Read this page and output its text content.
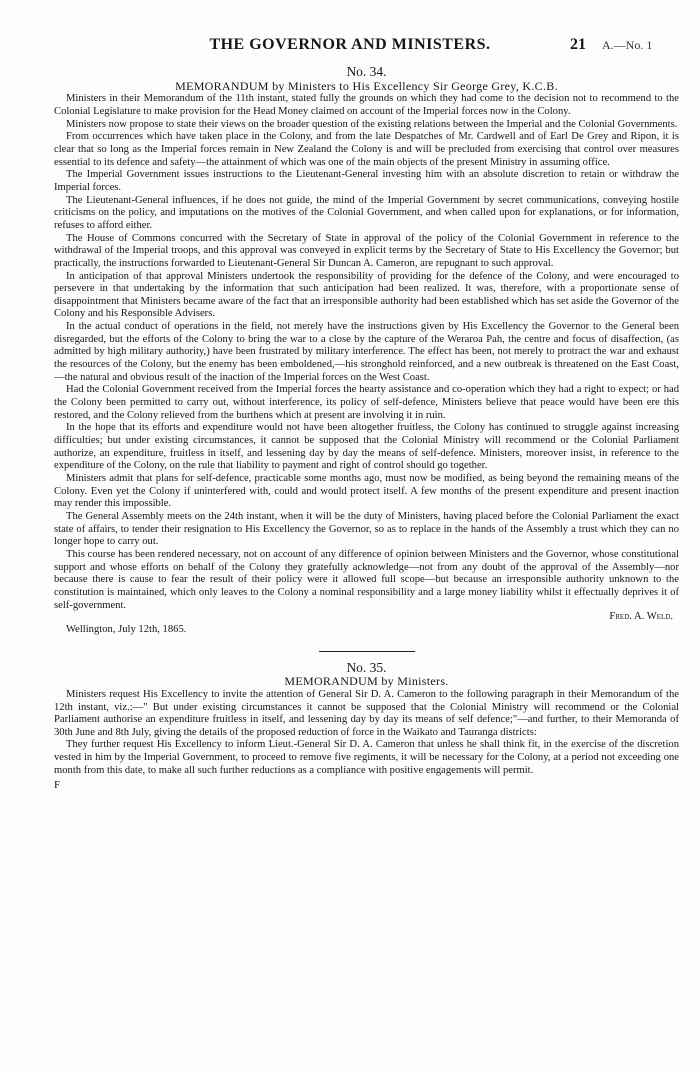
THE GOVERNOR AND MINISTERS.	21 A.—No. 1
No. 34.
MEMORANDUM by Ministers to His Excellency Sir George Grey, K.C.B.

Ministers in their Memorandum of the 11th instant, stated fully the grounds on which they had come to the decision not to recommend to the Colonial Legislature to make provision for the Head Money claimed on account of the Imperial forces now in the Colony.

Ministers now propose to state their views on the broader question of the existing relations between the Imperial and the Colonial Governments.

From occurrences which have taken place in the Colony, and from the late Despatches of Mr. Cardwell and of Earl De Grey and Ripon, it is clear that so long as the Imperial forces remain in New Zealand the Colony is and will be precluded from exercising that control over measures essential to its defence and safety—the attainment of which was one of the main objects of the present Ministry in assuming office.

The Imperial Government issues instructions to the Lieutenant-General investing him with an absolute discretion to retain or withdraw the Imperial forces.

The Lieutenant-General influences, if he does not guide, the mind of the Imperial Government by secret communications, conveying hostile criticisms on the policy, and imputations on the motives of the Colonial Government, and when called upon for explanations, or for information, refuses to afford either.

The House of Commons concurred with the Secretary of State in approval of the policy of the Colonial Government in reference to the withdrawal of the Imperial troops, and this approval was conveyed in explicit terms by the Secretary of State to His Excellency the Governor; but practically, the instructions forwarded to Lieutenant-General Sir Duncan A. Cameron, are repugnant to such approval.

In anticipation of that approval Ministers undertook the responsibility of providing for the defence of the Colony, and were encouraged to persevere in that undertaking by the information that such anticipation had been realized. It was, therefore, with a proportionate sense of disappointment that Ministers became aware of the fact that an irresponsible authority had been established which has set aside the Governor of the Colony and his Responsible Advisers.

In the actual conduct of operations in the field, not merely have the instructions given by His Excellency the Governor to the General been disregarded, but the efforts of the Colony to bring the war to a close by the capture of the Weraroa Pah, the centre and focus of disaffection, (as admitted by high military authority,) have been frustrated by military interference. The effect has been, not merely to protract the war and exhaust the resources of the Colony, but the enemy has been emboldened,—his stronghold reinforced, and a new outbreak is threatened on the East Coast,—the natural and obvious result of the inaction of the Imperial forces on the West Coast.

Had the Colonial Government received from the Imperial forces the hearty assistance and co-operation which they had a right to expect; or had the Colony been permitted to carry out, without interference, its policy of self-defence, Ministers believe that peace would have been ere this restored, and the Colony relieved from the burthens which at present are involving it in ruin.

In the hope that its efforts and expenditure would not have been altogether fruitless, the Colony has continued to struggle against increasing difficulties; but under existing circumstances, it cannot be supposed that the Colonial Ministry will recommend or the Colonial Parliament authorize, an expenditure, fruitless in itself, and lessening day by day the means of self-defence. Ministers, moreover insist, in reference to the expenditure of the Colony, on the rule that liability to payment and right of control should go together.

Ministers admit that plans for self-defence, practicable some months ago, must now be modified, as being beyond the remaining means of the Colony. Even yet the Colony if uninterfered with, could and would protect itself. A few months of the present expenditure and present inaction may render this impossible.

The General Assembly meets on the 24th instant, when it will be the duty of Ministers, having placed before the Colonial Parliament the exact state of affairs, to tender their resignation to His Excellency the Governor, so as to replace in the hands of the Assembly a trust which they can no longer hope to carry out.

This course has been rendered necessary, not on account of any difference of opinion between Ministers and the Governor, whose constitutional support and whose efforts on behalf of the Colony they gratefully acknowledge—not from any doubt of the approval of the Assembly—nor because there is cause to fear the result of their policy were it allowed full scope—but because an irresponsible authority unknown to the constitution is maintained, which only leaves to the Colony a nominal responsibility and a large money liability whilst it effectually deprives it of self-government.

Fred. A. Weld.
Wellington, July 12th, 1865.
No. 35.
MEMORANDUM by Ministers.

Ministers request His Excellency to invite the attention of General Sir D. A. Cameron to the following paragraph in their Memorandum of the 12th instant, viz.:—" But under existing circumstances it cannot be supposed that the Colonial Ministry will recommend or the Colonial Parliament authorise an expenditure fruitless in itself, and lessening day by day its means of self defence;"—and further, to their Memoranda of 30th June and 8th July, giving the details of the proposed reduction of force in the Waikato and Tauranga districts:

They further request His Excellency to inform Lieut.-General Sir D. A. Cameron that unless he shall think fit, in the exercise of the discretion vested in him by the Imperial Government, to proceed to remove five regiments, it will be necessary for the Colony, at a period not exceeding one month from this date, to make all such further reductions as a compliance with positive engagements will permit.

F
